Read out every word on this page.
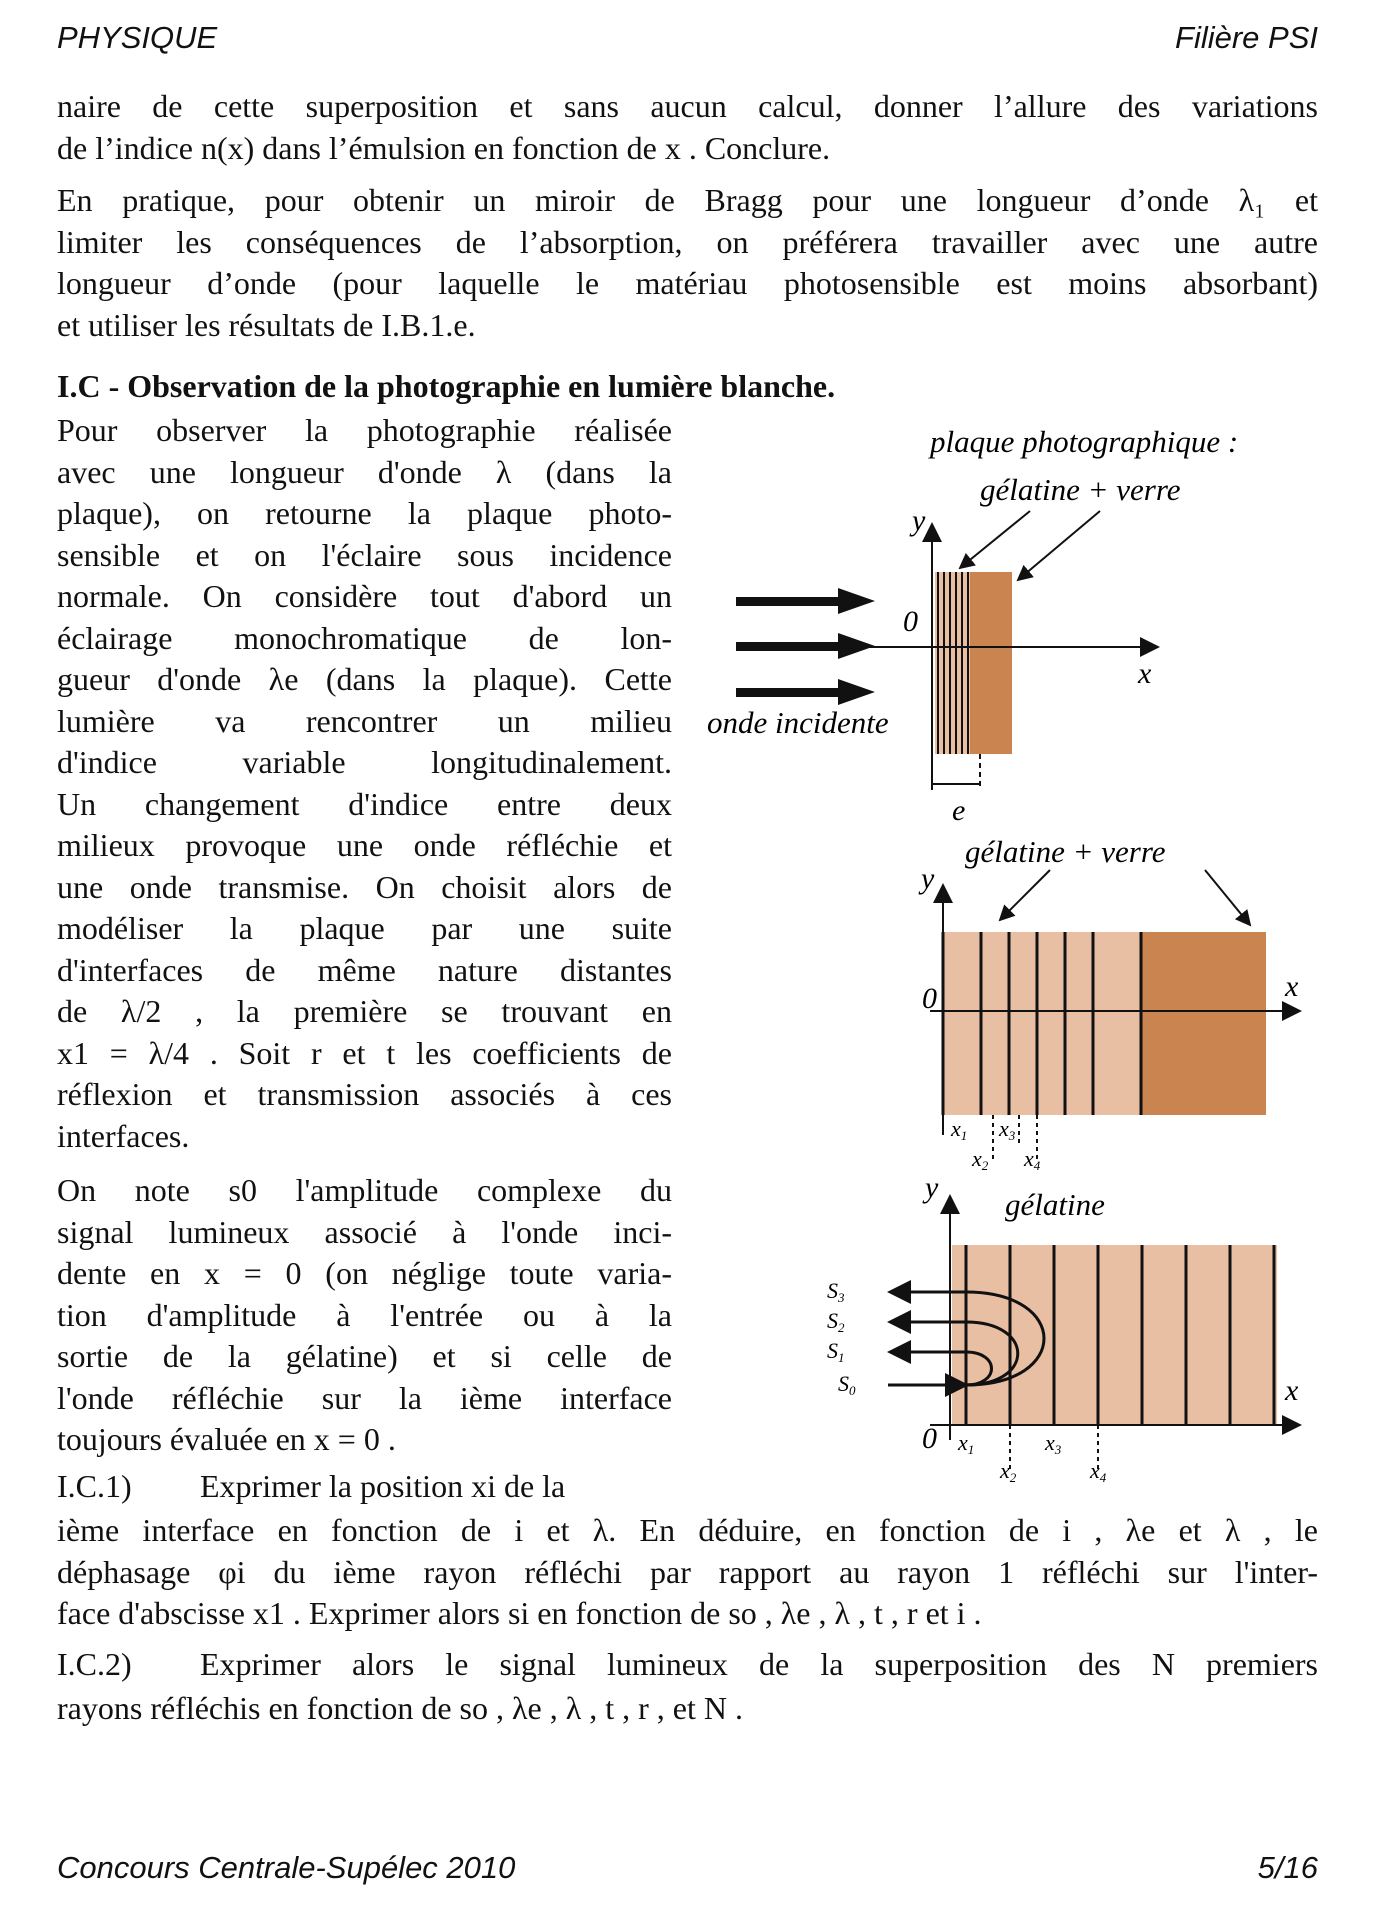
PHYSIQUE	Filière PSI
naire de cette superposition et sans aucun calcul, donner l’allure des variations
de l’indice n(x) dans l’émulsion en fonction de x . Conclure.
En pratique, pour obtenir un miroir de Bragg pour une longueur d’onde λ₁ et
limiter les conséquences de l’absorption, on préférera travailler avec une autre
longueur d’onde (pour laquelle le matériau photosensible est moins absorbant)
et utiliser les résultats de I.B.1.e.
I.C - Observation de la photographie en lumière blanche.
Pour observer la photographie réalisée
avec une longueur d'onde λ (dans la
plaque), on retourne la plaque photo-
sensible et on l'éclaire sous incidence
normale. On considère tout d'abord un
éclairage monochromatique de lon-
gueur d'onde λe (dans la plaque). Cette
lumière va rencontrer un milieu
d'indice variable longitudinalement.
Un changement d'indice entre deux
milieux provoque une onde réfléchie et
une onde transmise. On choisit alors de
modéliser la plaque par une suite
d'interfaces de même nature distantes
de λ/2 , la première se trouvant en
x1 = λ/4 . Soit r et t les coefficients de
réflexion et transmission associés à ces
interfaces.
On note s0 l'amplitude complexe du
signal lumineux associé à l'onde inci-
dente en x = 0 (on néglige toute varia-
tion d'amplitude à l'entrée ou à la
sortie de la gélatine) et si celle de
l'onde réfléchie sur la ième interface
toujours évaluée en x = 0 .
I.C.1) Exprimer la position xi de la
ième interface en fonction de i et λ. En déduire, en fonction de i , λe et λ , le
déphasage φi du ième rayon réfléchi par rapport au rayon 1 réfléchi sur l'inter-
face d'abscisse x1 . Exprimer alors si en fonction de so , λe , λ , t , r et i .
I.C.2) Exprimer alors le signal lumineux de la superposition des N premiers
rayons réfléchis en fonction de so , λe , λ , t , r , et N .
plaque photographique :
gélatine + verre
y
0
x
onde incidente
e
gélatine + verre
y
0	x
x1 x3
x2 x4
gélatine
y
0
x
S3
S2
S1
S0
x1	x3
x2	x4
Concours Centrale-Supélec 2010	5/16
